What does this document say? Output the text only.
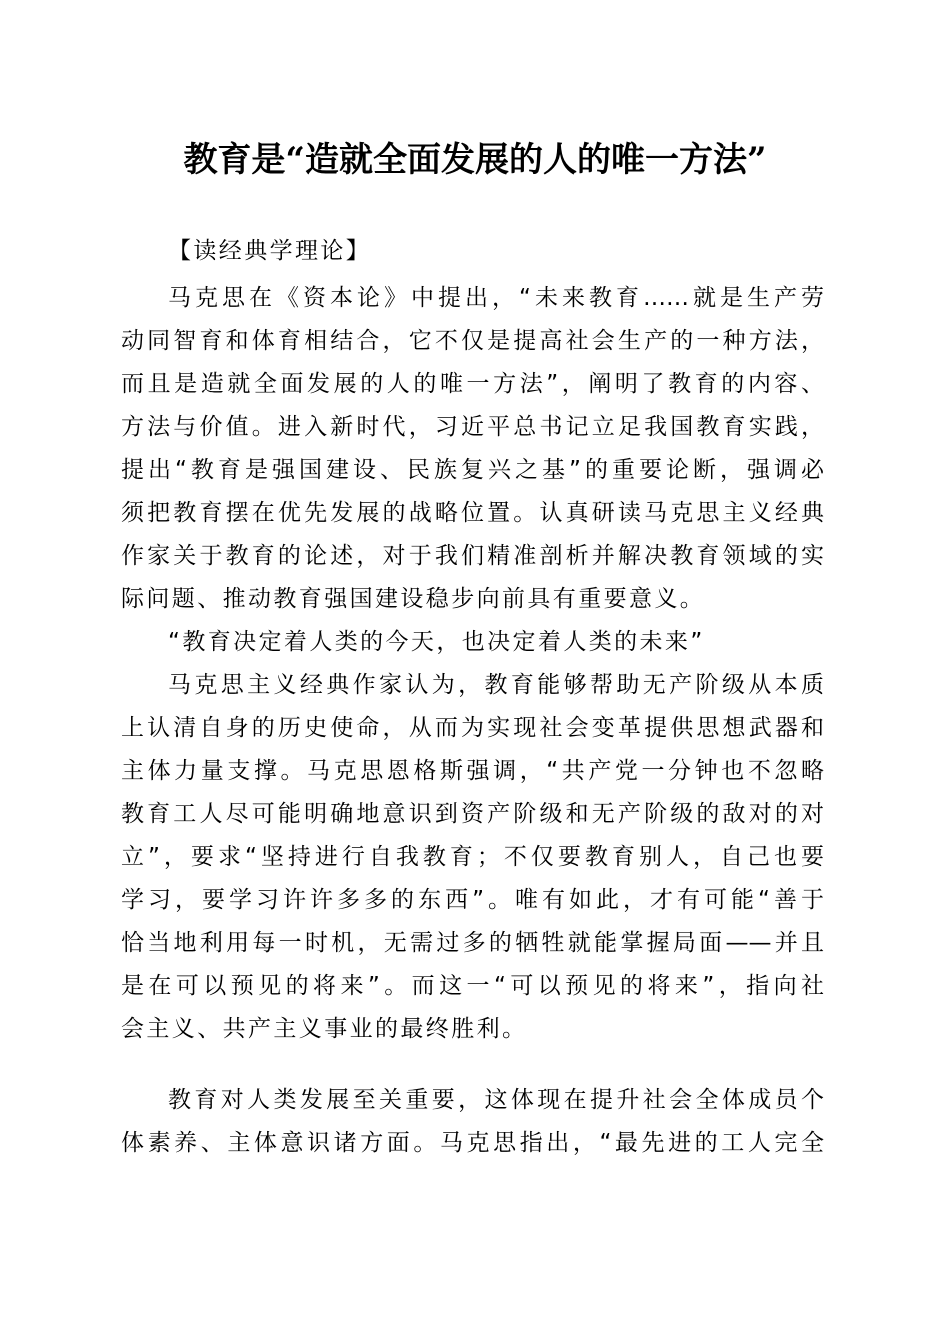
教育是“造就全面发展的人的唯一方法”
【读经典学理论】
马克思在《资本论》中提出，“未来教育……就是生产劳
动同智育和体育相结合，它不仅是提高社会生产的一种方法，
而且是造就全面发展的人的唯一方法”，阐明了教育的内容、
方法与价值。进入新时代，习近平总书记立足我国教育实践，
提出“教育是强国建设、民族复兴之基”的重要论断，强调必
须把教育摆在优先发展的战略位置。认真研读马克思主义经典
作家关于教育的论述，对于我们精准剖析并解决教育领域的实
际问题、推动教育强国建设稳步向前具有重要意义。
“教育决定着人类的今天，也决定着人类的未来”
马克思主义经典作家认为，教育能够帮助无产阶级从本质
上认清自身的历史使命，从而为实现社会变革提供思想武器和
主体力量支撑。马克思恩格斯强调，“共产党一分钟也不忽略
教育工人尽可能明确地意识到资产阶级和无产阶级的敌对的对
立”，要求“坚持进行自我教育；不仅要教育别人，自己也要
学习，要学习许许多多的东西”。唯有如此，才有可能“善于
恰当地利用每一时机，无需过多的牺牲就能掌握局面——并且
是在可以预见的将来”。而这一“可以预见的将来”，指向社
会主义、共产主义事业的最终胜利。
教育对人类发展至关重要，这体现在提升社会全体成员个
体素养、主体意识诸方面。马克思指出，“最先进的工人完全
